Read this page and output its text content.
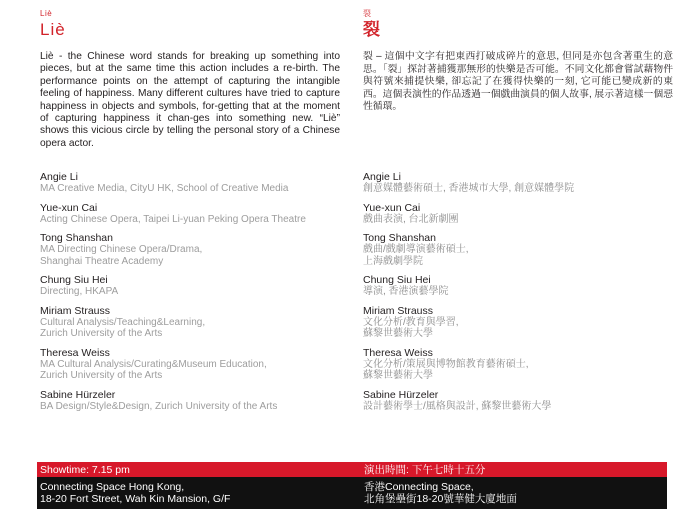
Liè
Liè

Liè - the Chinese word stands for breaking up something into pieces, but at the same time this action includes a re-birth. The performance points on the attempt of capturing the intangible feeling of happiness. Many different cultures have tried to capture happiness in objects and symbols, for-getting that at the moment of capturing happiness it chan-ges into something new. “Liè” shows this vicious circle by telling the personal story of a Chinese opera actor.

裂
裂

裂 – 這個中文字有把東西打破成碎片的意思, 但同是亦包含著重生的意思。「裂」探討著捕獲那無形的快樂是否可能。不同文化都會嘗試藉物件與符號來捕提快樂, 卻忘記了在獲得快樂的一刻, 它可能已變成新的東西。這個表演性的作品透過一個戲曲演員的個人故事, 展示著這樣一個惡性循環。

Angie Li
MA Creative Media, CityU HK, School of Creative Media
Yue-xun Cai
Acting Chinese Opera, Taipei Li-yuan Peking Opera Theatre
Tong Shanshan
MA Directing Chinese Opera/Drama,
Shanghai Theatre Academy
Chung Siu Hei
Directing, HKAPA
Miriam Strauss
Cultural Analysis/Teaching&Learning,
Zurich University of the Arts
Theresa Weiss
MA Cultural Analysis/Curating&Museum Education,
Zurich University of the Arts
Sabine Hürzeler
BA Design/Style&Design, Zurich University of the Arts
Angie Li
創意媒體藝術碩士, 香港城市大學, 創意媒體學院
Yue-xun Cai
戲曲表演, 台北新劇團
Tong Shanshan
戲曲/戲劇導演藝術碩士,
上海戲劇學院
Chung Siu Hei
導演, 香港演藝學院
Miriam Strauss
文化分析/教育與學習,
蘇黎世藝術大學
Theresa Weiss
文化分析/策展與博物館教育藝術碩士,
蘇黎世藝術大學
Sabine Hürzeler
設計藝術學士/風格與設計, 蘇黎世藝術大學
Showtime: 7.15 pm	演出時間: 下午七時十五分
Connecting Space Hong Kong,
18-20 Fort Street, Wah Kin Mansion, G/F
香港Connecting Space,
北角堡壘街18-20號華健大廈地面
